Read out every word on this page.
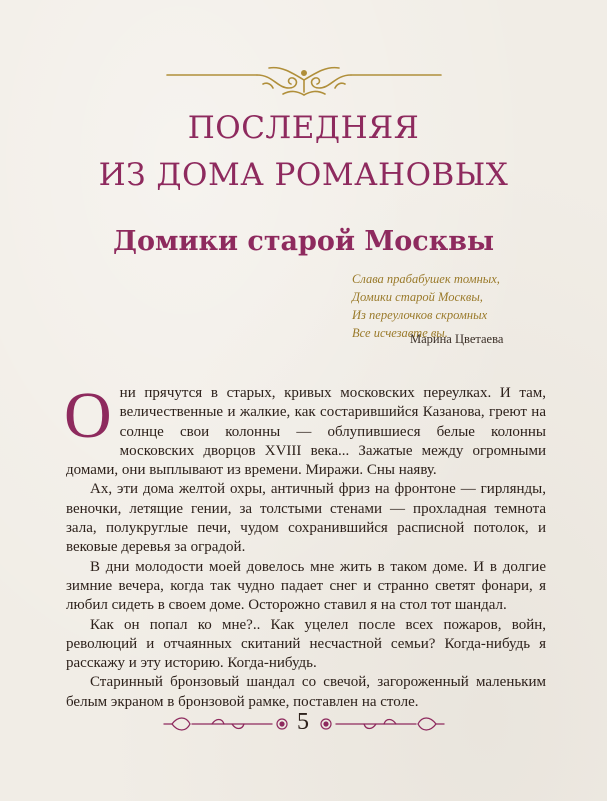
ПОСЛЕДНЯЯ
ИЗ ДОМА РОМАНОВЫХ
Домики старой Москвы
Слава прабабушек томных,
Домики старой Москвы,
Из переулочков скромных
Все исчезаете вы.
Марина Цветаева

Они прячутся в старых, кривых московских переулках. И там, величественные и жалкие, как состарившийся Казанова, греют на солнце свои колонны — облупившиеся белые колонны московских дворцов XVIII века... Зажатые между огромными домами, они выплывают из времени. Миражи. Сны наяву.

Ах, эти дома желтой охры, античный фриз на фронтоне — гирлянды, веночки, летящие гении, за толстыми стенами — прохладная темнота зала, полукруглые печи, чудом сохранившийся расписной потолок, и вековые деревья за оградой.

В дни молодости моей довелось мне жить в таком доме. И в долгие зимние вечера, когда так чудно падает снег и странно светят фонари, я любил сидеть в своем доме. Осторожно ставил я на стол тот шандал.

Как он попал ко мне?.. Как уцелел после всех пожаров, войн, революций и отчаянных скитаний несчастной семьи? Когда-нибудь я расскажу и эту историю. Когда-нибудь.

Старинный бронзовый шандал со свечой, загороженный маленьким белым экраном в бронзовой рамке, поставлен на столе.

5
